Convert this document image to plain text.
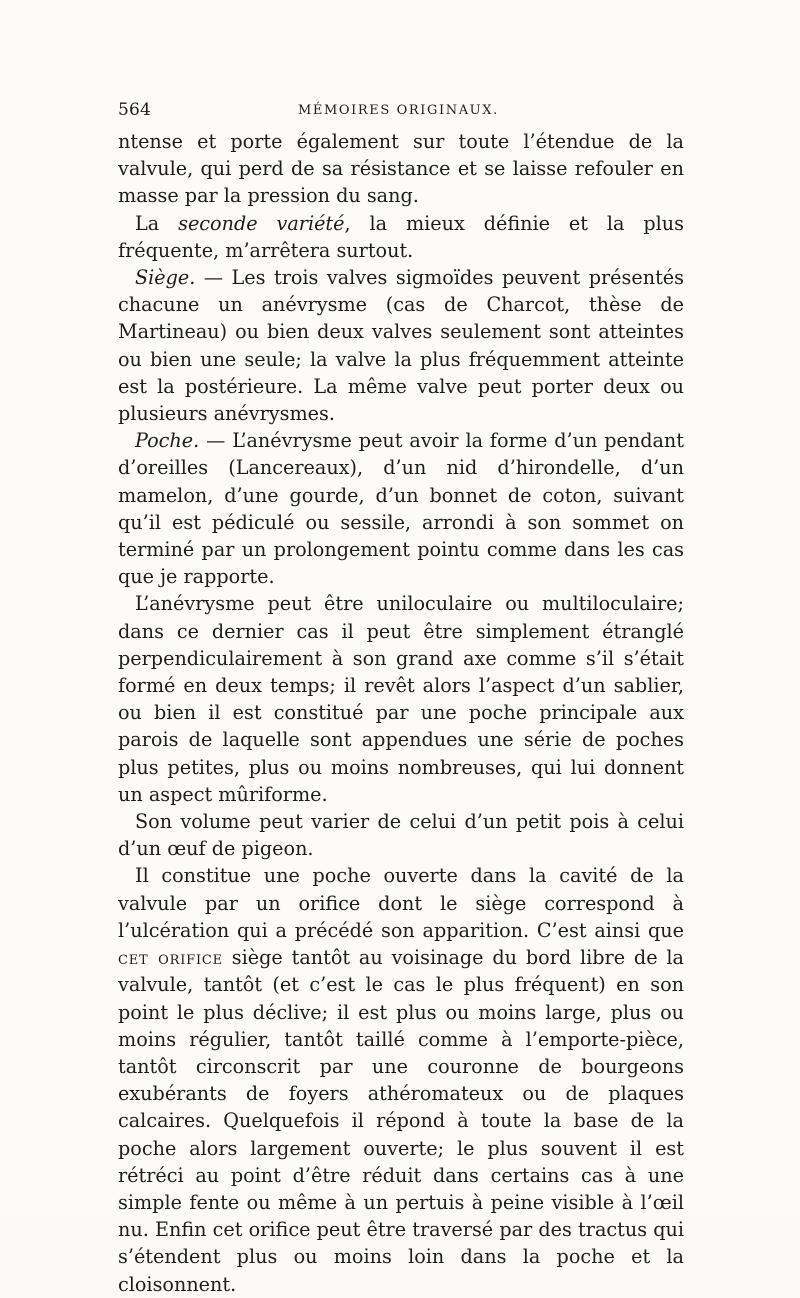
564	MÉMOIRES ORIGINAUX.

ntense et porte également sur toute l’étendue de la valvule, qui perd de sa résistance et se laisse refouler en masse par la pression du sang.

La seconde variété, la mieux définie et la plus fréquente, m’arrêtera surtout.

Siège. — Les trois valves sigmoïdes peuvent présentés chacune un anévrysme (cas de Charcot, thèse de Martineau) ou bien deux valves seulement sont atteintes ou bien une seule; la valve la plus fréquemment atteinte est la postérieure. La même valve peut porter deux ou plusieurs anévrysmes.

Poche. — L’anévrysme peut avoir la forme d’un pendant d’oreilles (Lancereaux), d’un nid d’hirondelle, d’un mamelon, d’une gourde, d’un bonnet de coton, suivant qu’il est pédiculé ou sessile, arrondi à son sommet on terminé par un prolongement pointu comme dans les cas que je rapporte.

L’anévrysme peut être uniloculaire ou multiloculaire; dans ce dernier cas il peut être simplement étranglé perpendiculairement à son grand axe comme s’il s’était formé en deux temps; il revêt alors l’aspect d’un sablier, ou bien il est constitué par une poche principale aux parois de laquelle sont appendues une série de poches plus petites, plus ou moins nombreuses, qui lui donnent un aspect mûriforme.

Son volume peut varier de celui d’un petit pois à celui d’un œuf de pigeon.

Il constitue une poche ouverte dans la cavité de la valvule par un orifice dont le siège correspond à l’ulcération qui a précédé son apparition. C’est ainsi que cet orifice siège tantôt au voisinage du bord libre de la valvule, tantôt (et c’est le cas le plus fréquent) en son point le plus déclive; il est plus ou moins large, plus ou moins régulier, tantôt taillé comme à l’emporte-pièce, tantôt circonscrit par une couronne de bourgeons exubérants de foyers athéromateux ou de plaques calcaires. Quelquefois il répond à toute la base de la poche alors largement ouverte; le plus souvent il est rétréci au point d’être réduit dans certains cas à une simple fente ou même à un pertuis à peine visible à l’œil nu. Enfin cet orifice peut être traversé par des tractus qui s’étendent plus ou moins loin dans la poche et la cloisonnent.
